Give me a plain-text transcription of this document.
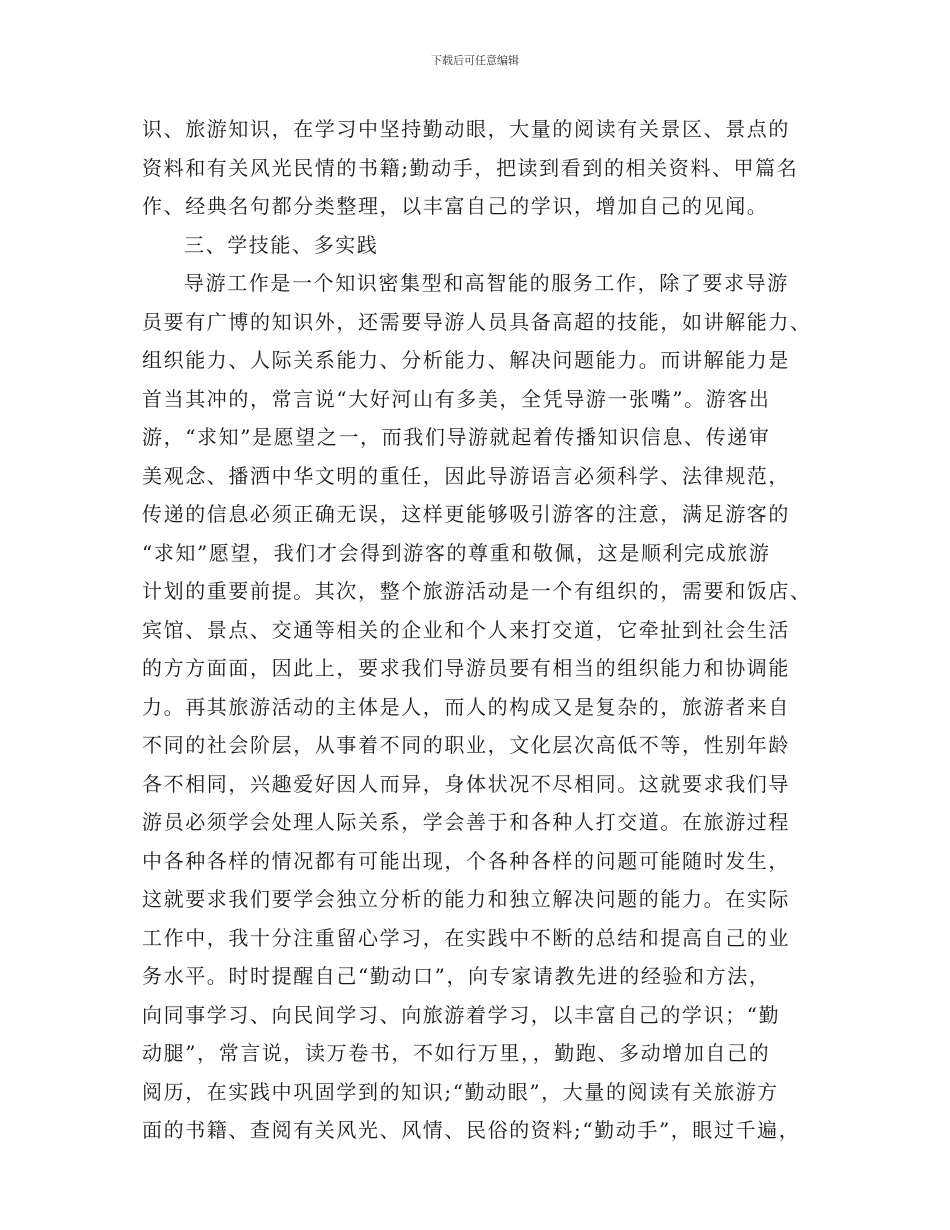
下载后可任意编辑
识、旅游知识，在学习中坚持勤动眼，大量的阅读有关景区、景点的
资料和有关风光民情的书籍;勤动手，把读到看到的相关资料、甲篇名
作、经典名句都分类整理，以丰富自己的学识，增加自己的见闻。
三、学技能、多实践
导游工作是一个知识密集型和高智能的服务工作，除了要求导游
员要有广博的知识外，还需要导游人员具备高超的技能，如讲解能力、
组织能力、人际关系能力、分析能力、解决问题能力。而讲解能力是
首当其冲的，常言说“大好河山有多美，全凭导游一张嘴”。游客出
游，“求知”是愿望之一，而我们导游就起着传播知识信息、传递审
美观念、播洒中华文明的重任，因此导游语言必须科学、法律规范，
传递的信息必须正确无误，这样更能够吸引游客的注意，满足游客的
“求知”愿望，我们才会得到游客的尊重和敬佩，这是顺利完成旅游
计划的重要前提。其次，整个旅游活动是一个有组织的，需要和饭店、
宾馆、景点、交通等相关的企业和个人来打交道，它牵扯到社会生活
的方方面面，因此上，要求我们导游员要有相当的组织能力和协调能
力。再其旅游活动的主体是人，而人的构成又是复杂的，旅游者来自
不同的社会阶层，从事着不同的职业，文化层次高低不等，性别年龄
各不相同，兴趣爱好因人而异，身体状况不尽相同。这就要求我们导
游员必须学会处理人际关系，学会善于和各种人打交道。在旅游过程
中各种各样的情况都有可能出现，个各种各样的问题可能随时发生，
这就要求我们要学会独立分析的能力和独立解决问题的能力。在实际
工作中，我十分注重留心学习，在实践中不断的总结和提高自己的业
务水平。时时提醒自己“勤动口”，向专家请教先进的经验和方法，
向同事学习、向民间学习、向旅游着学习，以丰富自己的学识；“勤
动腿”，常言说，读万卷书，不如行万里，，勤跑、多动增加自己的
阅历，在实践中巩固学到的知识;“勤动眼”，大量的阅读有关旅游方
面的书籍、查阅有关风光、风情、民俗的资料;“勤动手”，眼过千遍，
